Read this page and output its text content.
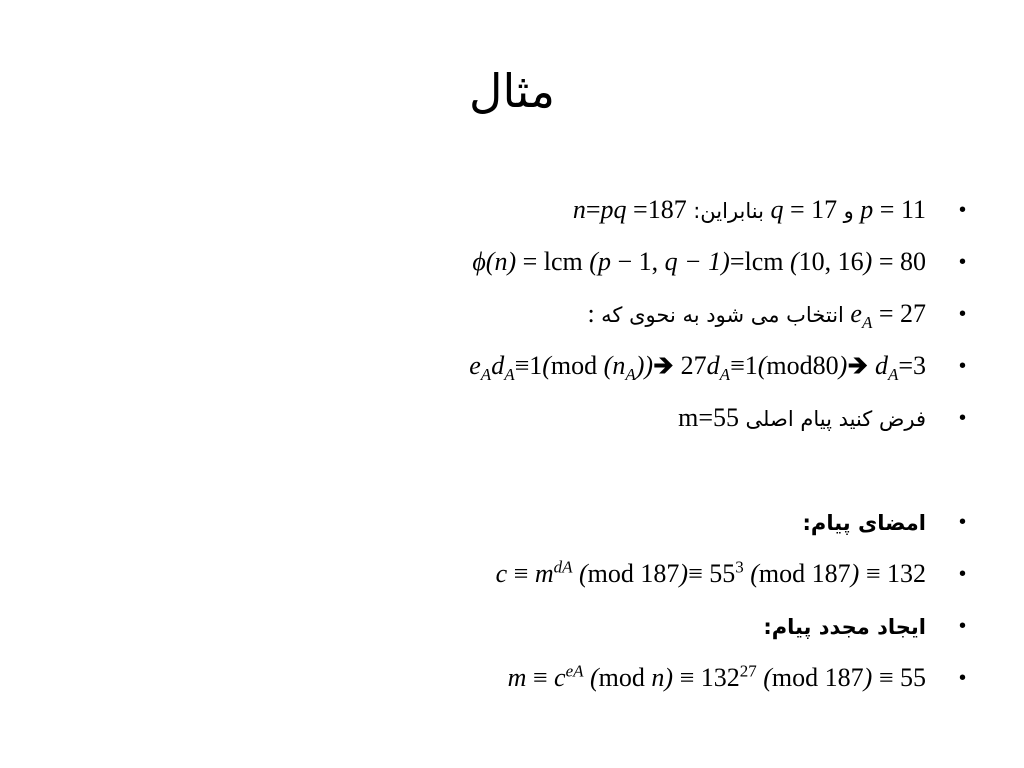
مثال
•
n=pq =187 بنابراین: q = 17 و p = 11
•
ϕ(n) = lcm (p − 1, q − 1)=lcm (10, 16) = 80
•
: انتخاب می شود به نحوی که $e_A = 27$
•
$e_Ad_A\equiv 1(mod$ $(n_A))🡺$ $27d_A\equiv 1(mod80)🡺$ $d_A=3$
•
m=55 فرض کنید پیام اصلی
•
امضای پیام:
•
$c \equiv m^{dA}$ (mod $187)\equiv 55^3$ (mod 187) ≡ 132
•
ایجاد مجدد پیام:
•
$m \equiv c^{eA}$ (mod $n) \equiv 132^{27}$ (mod 187) ≡ 55
